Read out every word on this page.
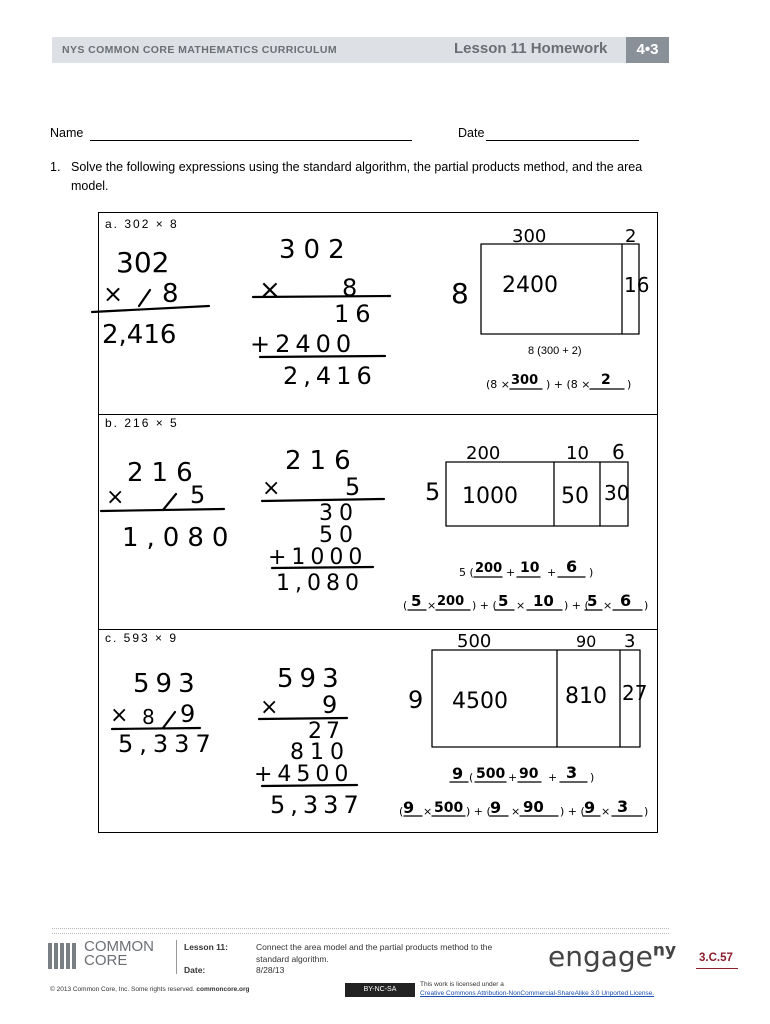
NYS COMMON CORE MATHEMATICS CURRICULUM	Lesson 11 Homework	4•3
Name	Date
1. Solve the following expressions using the standard algorithm, the partial products method, and the area
model.
a. 302 × 8
b. 216 × 5
c. 593 × 9
8 (300 + 2)
302
× 8
2,416
302
×	8
16
+2400
2,416
300	2
8 2400	16
(8 × 300 ) + (8 × 2 )
216
×	5
1,080
216
×	5
30
50
+1000
1,080
200	10 6
5 1000 50 30
5 ( 200 + 10 + 6 )
( 5 × 200 ) + ( 5 × 10 ) + (
5 × 6 )
593
× 8 9
5,337
593
× 9
27
810
+4500
5,337
500	90 3
9 4500	810 27
9 ( 500 + 90 + 3 )
( 9 × 500 ) + ( 9 × 90 ) + ( 9 × 3 )
COMMON
CORE
Lesson 11:
Date:
Connect the area model and the partial products method to the standard algorithm.
8/28/13	engage$^{ny}$ 3.C.57
© 2013 Common Core, Inc. Some rights reserved. commoncore.org	BY-NC-SA
This work is licensed under a
Creative Commons Attribution-NonCommercial-ShareAlike 3.0 Unported License.
